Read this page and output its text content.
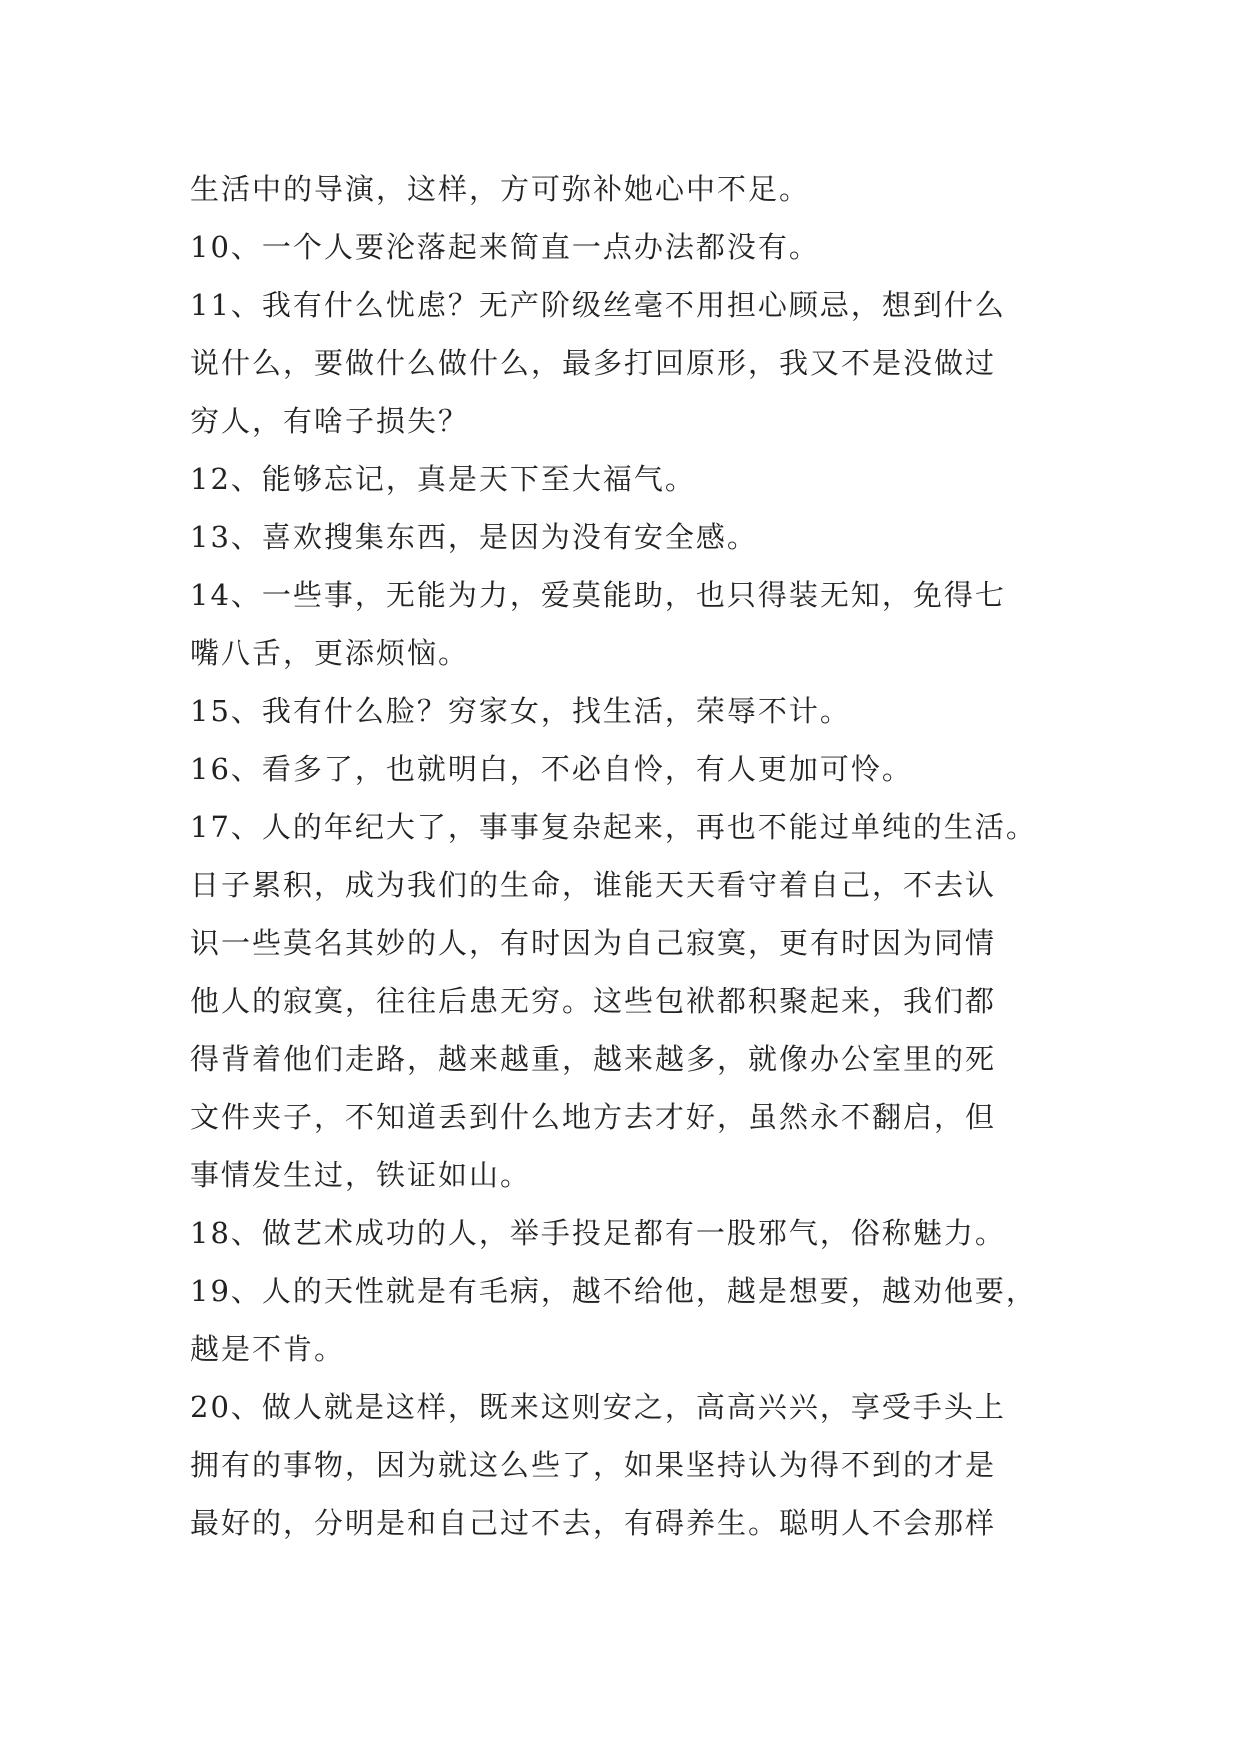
生活中的导演，这样，方可弥补她心中不足。
10、一个人要沦落起来简直一点办法都没有。
11、我有什么忧虑？无产阶级丝毫不用担心顾忌，想到什么
说什么，要做什么做什么，最多打回原形，我又不是没做过
穷人，有啥子损失？
12、能够忘记，真是天下至大福气。
13、喜欢搜集东西，是因为没有安全感。
14、一些事，无能为力，爱莫能助，也只得装无知，免得七
嘴八舌，更添烦恼。
15、我有什么脸？穷家女，找生活，荣辱不计。
16、看多了，也就明白，不必自怜，有人更加可怜。
17、人的年纪大了，事事复杂起来，再也不能过单纯的生活。
日子累积，成为我们的生命，谁能天天看守着自己，不去认
识一些莫名其妙的人，有时因为自己寂寞，更有时因为同情
他人的寂寞，往往后患无穷。这些包袱都积聚起来，我们都
得背着他们走路，越来越重，越来越多，就像办公室里的死
文件夹子，不知道丢到什么地方去才好，虽然永不翻启，但
事情发生过，铁证如山。
18、做艺术成功的人，举手投足都有一股邪气，俗称魅力。
19、人的天性就是有毛病，越不给他，越是想要，越劝他要，
越是不肯。
20、做人就是这样，既来这则安之，高高兴兴，享受手头上
拥有的事物，因为就这么些了，如果坚持认为得不到的才是
最好的，分明是和自己过不去，有碍养生。聪明人不会那样
